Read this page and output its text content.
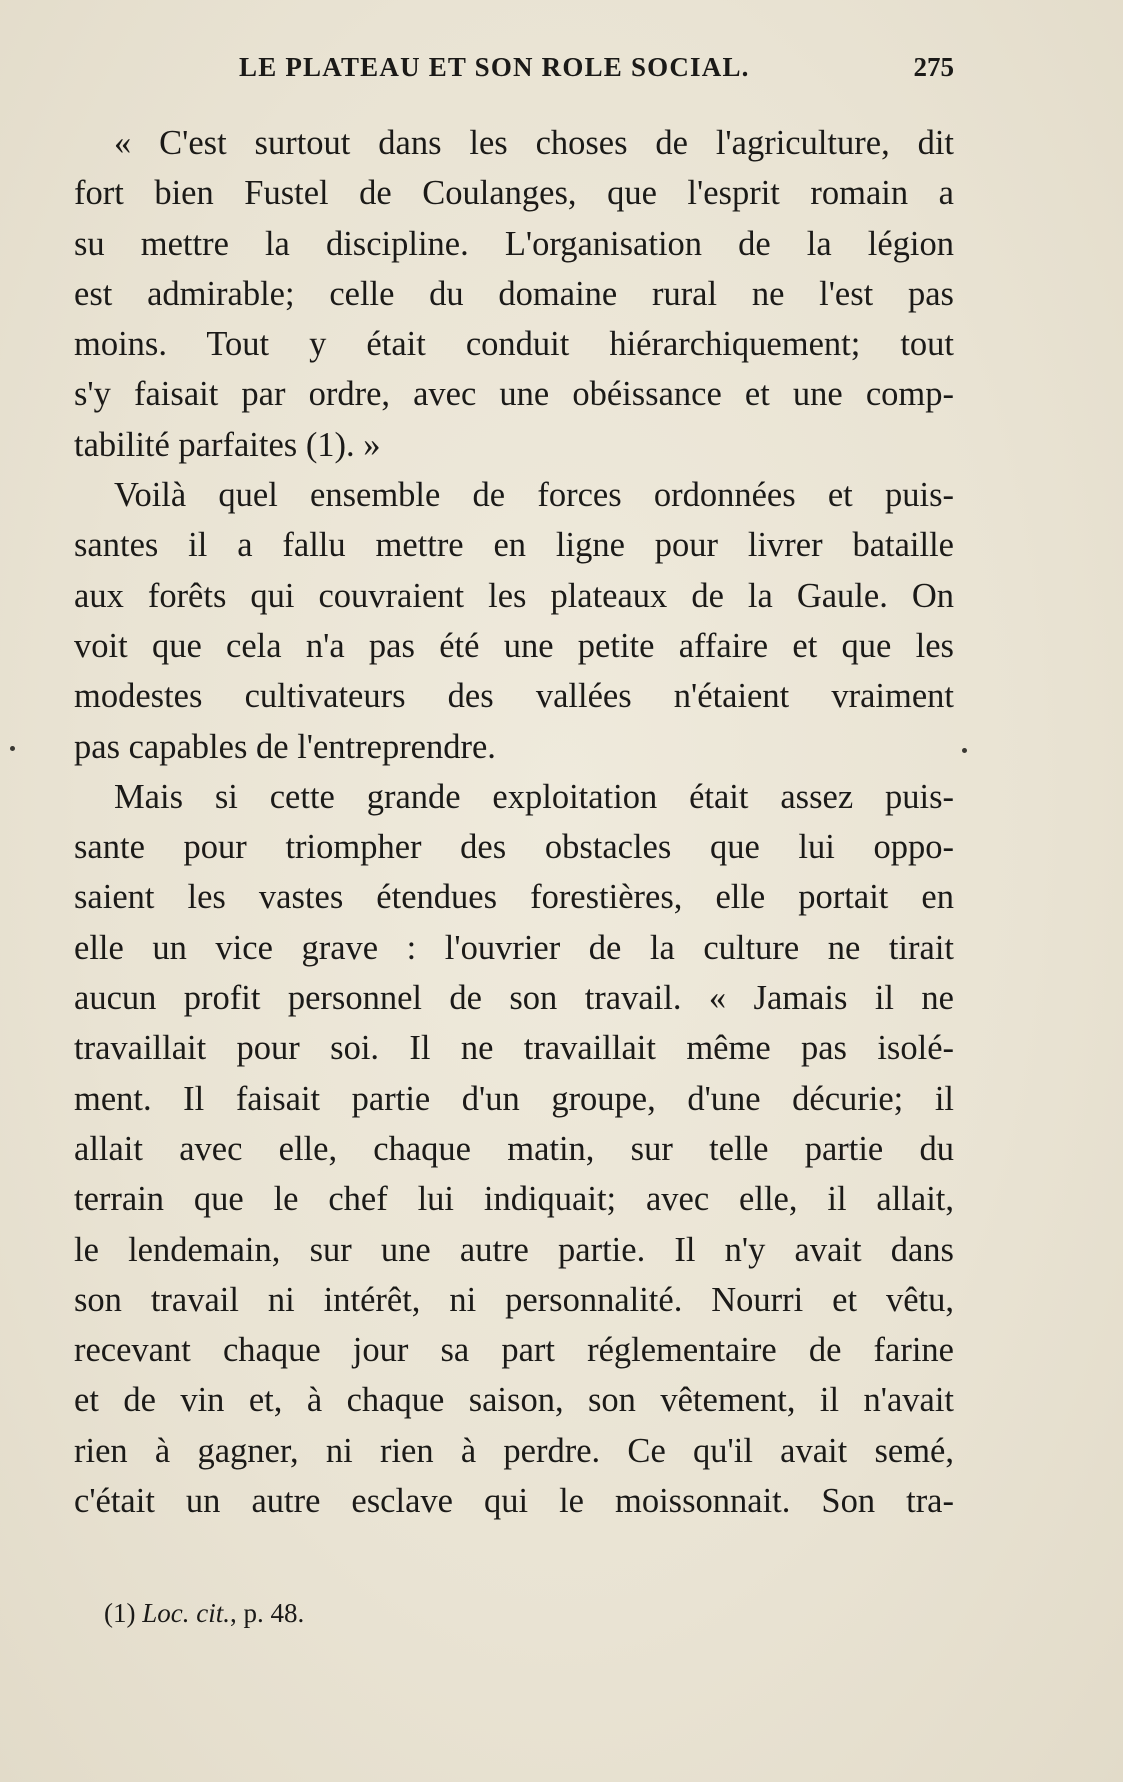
LE PLATEAU ET SON ROLE SOCIAL.	275
« C'est surtout dans les choses de l'agriculture, dit
fort bien Fustel de Coulanges, que l'esprit romain a
su mettre la discipline. L'organisation de la légion
est admirable; celle du domaine rural ne l'est pas
moins. Tout y était conduit hiérarchiquement; tout
s'y faisait par ordre, avec une obéissance et une comp-
tabilité parfaites (1). »
Voilà quel ensemble de forces ordonnées et puis-
santes il a fallu mettre en ligne pour livrer bataille
aux forêts qui couvraient les plateaux de la Gaule. On
voit que cela n'a pas été une petite affaire et que les
modestes cultivateurs des vallées n'étaient vraiment
pas capables de l'entreprendre.
Mais si cette grande exploitation était assez puis-
sante pour triompher des obstacles que lui oppo-
saient les vastes étendues forestières, elle portait en
elle un vice grave : l'ouvrier de la culture ne tirait
aucun profit personnel de son travail. « Jamais il ne
travaillait pour soi. Il ne travaillait même pas isolé-
ment. Il faisait partie d'un groupe, d'une décurie; il
allait avec elle, chaque matin, sur telle partie du
terrain que le chef lui indiquait; avec elle, il allait,
le lendemain, sur une autre partie. Il n'y avait dans
son travail ni intérêt, ni personnalité. Nourri et vêtu,
recevant chaque jour sa part réglementaire de farine
et de vin et, à chaque saison, son vêtement, il n'avait
rien à gagner, ni rien à perdre. Ce qu'il avait semé,
c'était un autre esclave qui le moissonnait. Son tra-
(1) Loc. cit., p. 48.
